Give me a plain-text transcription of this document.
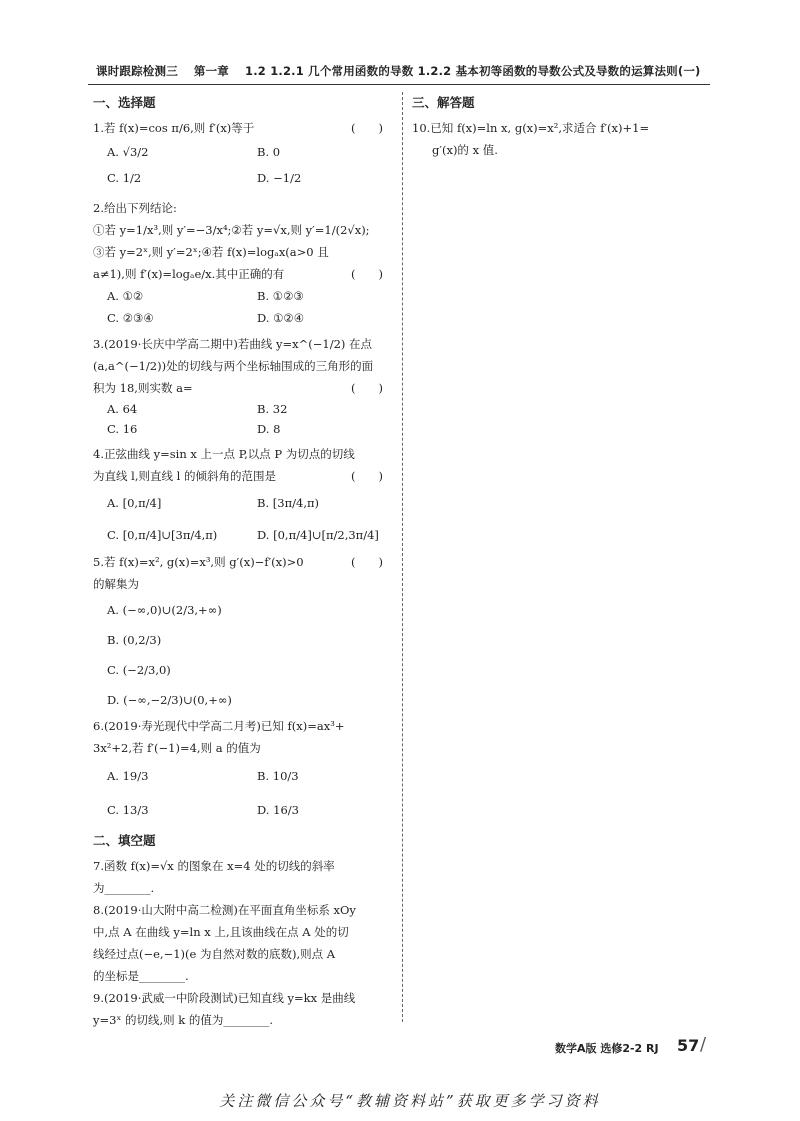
课时跟踪检测三 第一章 1.2 1.2.1 几个常用函数的导数 1.2.2 基本初等函数的导数公式及导数的运算法则(一)
一、选择题
1.若 f(x)=cos π/6,则 f′(x)等于	(　　)
A. √3/2	B. 0
C. 1/2	D. −1/2
2.给出下列结论:
①若 y=1/x³,则 y′=−3/x⁴;②若 y=√x,则 y′=1/(2√x);
③若 y=2ˣ,则 y′=2ˣ;④若 f(x)=logₐx(a>0 且
a≠1),则 f′(x)=logₐe/x.其中正确的有	(　　)
A. ①②	B. ①②③
C. ②③④	D. ①②④
3.(2019·长庆中学高二期中)若曲线 y=x^(−1/2) 在点
(a,a^(−1/2))处的切线与两个坐标轴围成的三角形的面
积为 18,则实数 a=	(　　)
A. 64	B. 32
C. 16	D. 8
4.正弦曲线 y=sin x 上一点 P,以点 P 为切点的切线
为直线 l,则直线 l 的倾斜角的范围是	(　　)
A. [0,π/4]	B. [3π/4,π)
C. [0,π/4]∪[3π/4,π)	D. [0,π/4]∪[π/2,3π/4]
5.若 f(x)=x², g(x)=x³,则 g′(x)−f′(x)>0	(　　)
的解集为
A. (−∞,0)∪(2/3,+∞)
B. (0,2/3)
C. (−2/3,0)
D. (−∞,−2/3)∪(0,+∞)
6.(2019·寿光现代中学高二月考)已知 f(x)=ax³+
3x²+2,若 f′(−1)=4,则 a 的值为
A. 19/3	B. 10/3
C. 13/3	D. 16/3
二、填空题
7.函数 f(x)=√x 的图象在 x=4 处的切线的斜率
为________.
8.(2019·山大附中高二检测)在平面直角坐标系 xOy
中,点 A 在曲线 y=ln x 上,且该曲线在点 A 处的切
线经过点(−e,−1)(e 为自然对数的底数),则点 A
的坐标是________.
9.(2019·武威一中阶段测试)已知直线 y=kx 是曲线
y=3ˣ 的切线,则 k 的值为________.
三、解答题
10.已知 f(x)=ln x, g(x)=x²,求适合 f′(x)+1=
g′(x)的 x 值.
数学A版 选修2-2 RJ 57 /
关注微信公众号“教辅资料站”获取更多学习资料
